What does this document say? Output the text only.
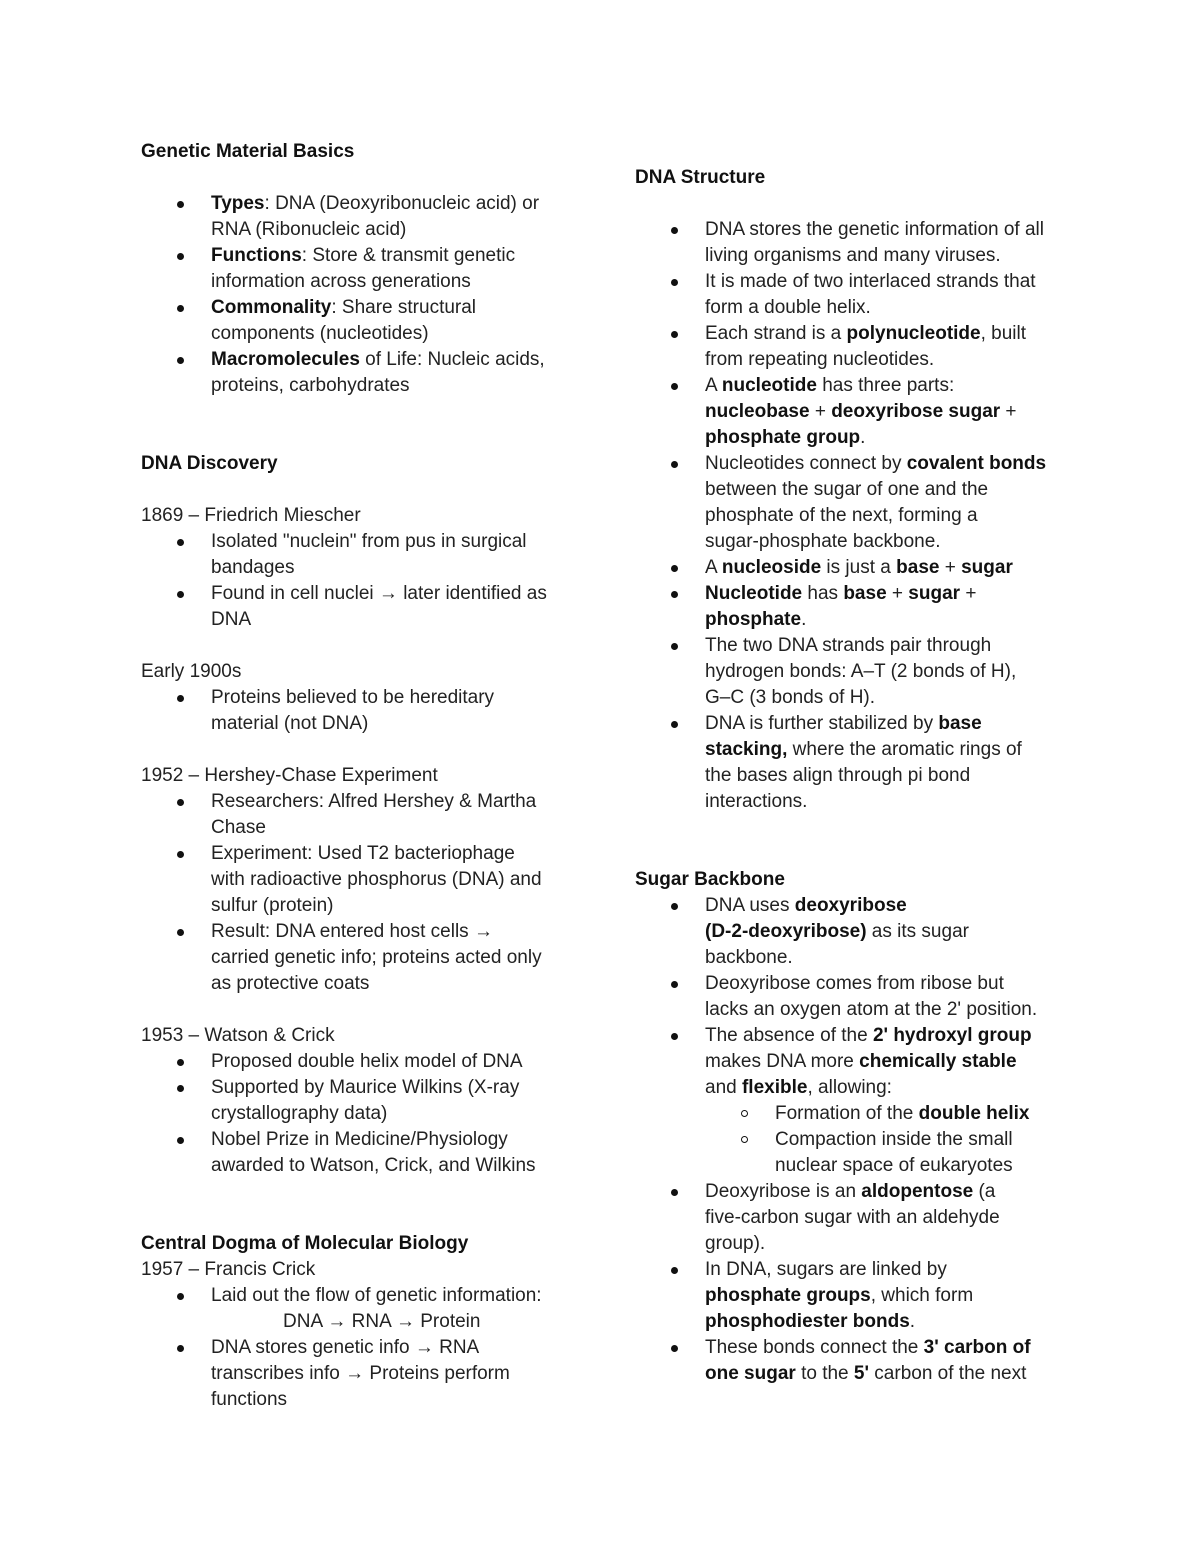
Genetic Material Basics
Types: DNA (Deoxyribonucleic acid) or
RNA (Ribonucleic acid)
Functions: Store & transmit genetic
information across generations
Commonality: Share structural
components (nucleotides)
Macromolecules of Life: Nucleic acids,
proteins, carbohydrates
DNA Discovery
1869 – Friedrich Miescher
Isolated "nuclein" from pus in surgical
bandages
Found in cell nuclei → later identified as
DNA
Early 1900s
Proteins believed to be hereditary
material (not DNA)
1952 – Hershey-Chase Experiment
Researchers: Alfred Hershey & Martha
Chase
Experiment: Used T2 bacteriophage
with radioactive phosphorus (DNA) and
sulfur (protein)
Result: DNA entered host cells →
carried genetic info; proteins acted only
as protective coats
1953 – Watson & Crick
Proposed double helix model of DNA
Supported by Maurice Wilkins (X-ray
crystallography data)
Nobel Prize in Medicine/Physiology
awarded to Watson, Crick, and Wilkins
Central Dogma of Molecular Biology
1957 – Francis Crick
Laid out the flow of genetic information:
DNA → RNA → Protein
DNA stores genetic info → RNA
transcribes info → Proteins perform
functions
DNA Structure
DNA stores the genetic information of all
living organisms and many viruses.
It is made of two interlaced strands that
form a double helix.
Each strand is a polynucleotide, built
from repeating nucleotides.
A nucleotide has three parts:
nucleobase + deoxyribose sugar +
phosphate group.
Nucleotides connect by covalent bonds
between the sugar of one and the
phosphate of the next, forming a
sugar-phosphate backbone.
A nucleoside is just a base + sugar
Nucleotide has base + sugar +
phosphate.
The two DNA strands pair through
hydrogen bonds: A–T (2 bonds of H),
G–C (3 bonds of H).
DNA is further stabilized by base
stacking, where the aromatic rings of
the bases align through pi bond
interactions.
Sugar Backbone
DNA uses deoxyribose
(D-2-deoxyribose) as its sugar
backbone.
Deoxyribose comes from ribose but
lacks an oxygen atom at the 2' position.
The absence of the 2' hydroxyl group
makes DNA more chemically stable
and flexible, allowing:
Formation of the double helix
Compaction inside the small
nuclear space of eukaryotes
Deoxyribose is an aldopentose (a
five-carbon sugar with an aldehyde
group).
In DNA, sugars are linked by
phosphate groups, which form
phosphodiester bonds.
These bonds connect the 3' carbon of
one sugar to the 5' carbon of the next
